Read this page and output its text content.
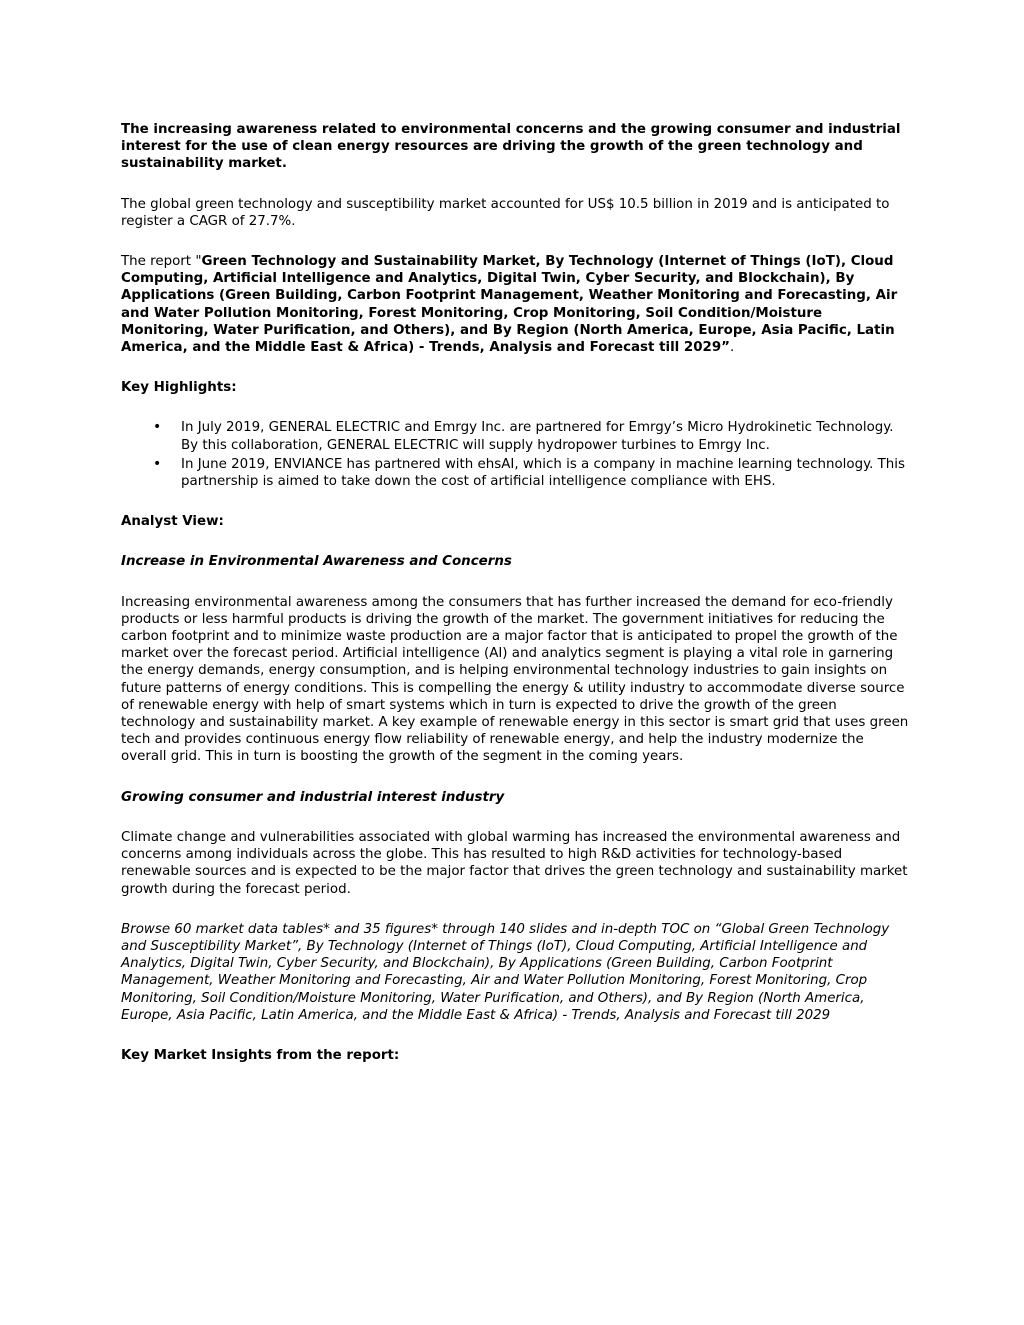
The increasing awareness related to environmental concerns and the growing consumer and industrial interest for the use of clean energy resources are driving the growth of the green technology and sustainability market.

The global green technology and susceptibility market accounted for US$ 10.5 billion in 2019 and is anticipated to register a CAGR of 27.7%.

The report "Green Technology and Sustainability Market, By Technology (Internet of Things (IoT), Cloud Computing, Artificial Intelligence and Analytics, Digital Twin, Cyber Security, and Blockchain), By Applications (Green Building, Carbon Footprint Management, Weather Monitoring and Forecasting, Air and Water Pollution Monitoring, Forest Monitoring, Crop Monitoring, Soil Condition/Moisture Monitoring, Water Purification, and Others), and By Region (North America, Europe, Asia Pacific, Latin America, and the Middle East & Africa) - Trends, Analysis and Forecast till 2029”.

Key Highlights:

• In July 2019, GENERAL ELECTRIC and Emrgy Inc. are partnered for Emrgy’s Micro Hydrokinetic Technology. By this collaboration, GENERAL ELECTRIC will supply hydropower turbines to Emrgy Inc.
• In June 2019, ENVIANCE has partnered with ehsAI, which is a company in machine learning technology. This partnership is aimed to take down the cost of artificial intelligence compliance with EHS.

Analyst View:

Increase in Environmental Awareness and Concerns

Increasing environmental awareness among the consumers that has further increased the demand for eco-friendly products or less harmful products is driving the growth of the market. The government initiatives for reducing the carbon footprint and to minimize waste production are a major factor that is anticipated to propel the growth of the market over the forecast period. Artificial intelligence (AI) and analytics segment is playing a vital role in garnering the energy demands, energy consumption, and is helping environmental technology industries to gain insights on future patterns of energy conditions. This is compelling the energy & utility industry to accommodate diverse source of renewable energy with help of smart systems which in turn is expected to drive the growth of the green technology and sustainability market. A key example of renewable energy in this sector is smart grid that uses green tech and provides continuous energy flow reliability of renewable energy, and help the industry modernize the overall grid. This in turn is boosting the growth of the segment in the coming years.

Growing consumer and industrial interest industry

Climate change and vulnerabilities associated with global warming has increased the environmental awareness and concerns among individuals across the globe. This has resulted to high R&D activities for technology-based renewable sources and is expected to be the major factor that drives the green technology and sustainability market growth during the forecast period.

Browse 60 market data tables* and 35 figures* through 140 slides and in-depth TOC on “Global Green Technology and Susceptibility Market”, By Technology (Internet of Things (IoT), Cloud Computing, Artificial Intelligence and Analytics, Digital Twin, Cyber Security, and Blockchain), By Applications (Green Building, Carbon Footprint Management, Weather Monitoring and Forecasting, Air and Water Pollution Monitoring, Forest Monitoring, Crop Monitoring, Soil Condition/Moisture Monitoring, Water Purification, and Others), and By Region (North America, Europe, Asia Pacific, Latin America, and the Middle East & Africa) - Trends, Analysis and Forecast till 2029

Key Market Insights from the report:
